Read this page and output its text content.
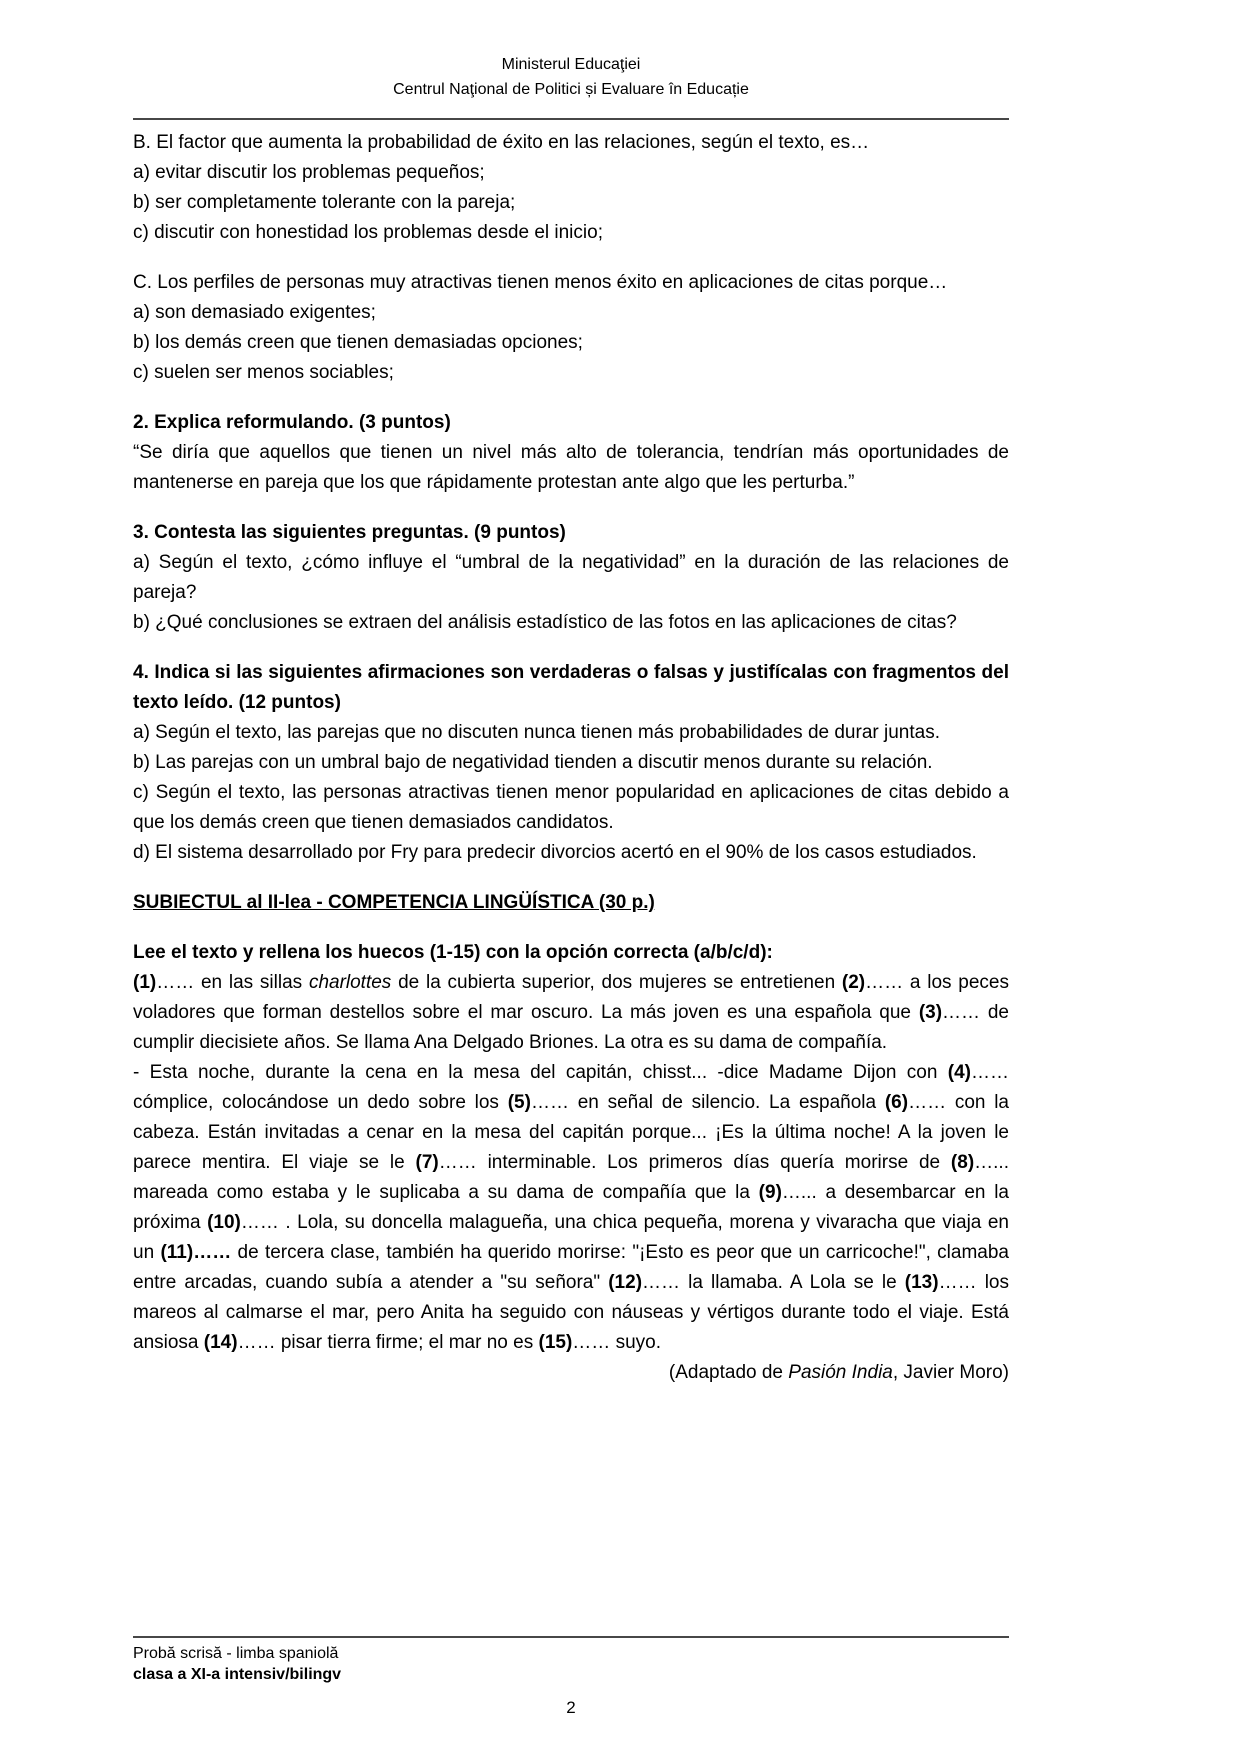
Ministerul Educaţiei
Centrul Naţional de Politici și Evaluare în Educație

B. El factor que aumenta la probabilidad de éxito en las relaciones, según el texto, es…

a) evitar discutir los problemas pequeños;

b) ser completamente tolerante con la pareja;

c) discutir con honestidad los problemas desde el inicio;

C. Los perfiles de personas muy atractivas tienen menos éxito en aplicaciones de citas porque…

a) son demasiado exigentes;

b) los demás creen que tienen demasiadas opciones;

c) suelen ser menos sociables;

2. Explica reformulando. (3 puntos)

“Se diría que aquellos que tienen un nivel más alto de tolerancia, tendrían más oportunidades de mantenerse en pareja que los que rápidamente protestan ante algo que les perturba.”

3. Contesta las siguientes preguntas. (9 puntos)

a) Según el texto, ¿cómo influye el “umbral de la negatividad” en la duración de las relaciones de pareja?

b) ¿Qué conclusiones se extraen del análisis estadístico de las fotos en las aplicaciones de citas?

4. Indica si las siguientes afirmaciones son verdaderas o falsas y justifícalas con fragmentos del texto leído. (12 puntos)

a) Según el texto, las parejas que no discuten nunca tienen más probabilidades de durar juntas.

b) Las parejas con un umbral bajo de negatividad tienden a discutir menos durante su relación.

c) Según el texto, las personas atractivas tienen menor popularidad en aplicaciones de citas debido a que los demás creen que tienen demasiados candidatos.

d) El sistema desarrollado por Fry para predecir divorcios acertó en el 90% de los casos estudiados.

SUBIECTUL al II-lea - COMPETENCIA LINGÜÍSTICA (30 p.)

Lee el texto y rellena los huecos (1-15) con la opción correcta (a/b/c/d):

(1)…… en las sillas charlottes de la cubierta superior, dos mujeres se entretienen (2)…… a los peces voladores que forman destellos sobre el mar oscuro. La más joven es una española que (3)…… de cumplir diecisiete años. Se llama Ana Delgado Briones. La otra es su dama de compañía.

- Esta noche, durante la cena en la mesa del capitán, chisst... -dice Madame Dijon con (4)…… cómplice, colocándose un dedo sobre los (5)…… en señal de silencio. La española (6)…… con la cabeza. Están invitadas a cenar en la mesa del capitán porque... ¡Es la última noche! A la joven le parece mentira. El viaje se le (7)…… interminable. Los primeros días quería morirse de (8)…... mareada como estaba y le suplicaba a su dama de compañía que la (9)…... a desembarcar en la próxima (10)…… . Lola, su doncella malagueña, una chica pequeña, morena y vivaracha que viaja en un (11)…… de tercera clase, también ha querido morirse: "¡Esto es peor que un carricoche!", clamaba entre arcadas, cuando subía a atender a "su señora" (12)…… la llamaba. A Lola se le (13)…… los mareos al calmarse el mar, pero Anita ha seguido con náuseas y vértigos durante todo el viaje. Está ansiosa (14)…… pisar tierra firme; el mar no es (15)…… suyo.

(Adaptado de Pasión India, Javier Moro)

Probă scrisă - limba spaniolă
clasa a XI-a intensiv/bilingv
2
